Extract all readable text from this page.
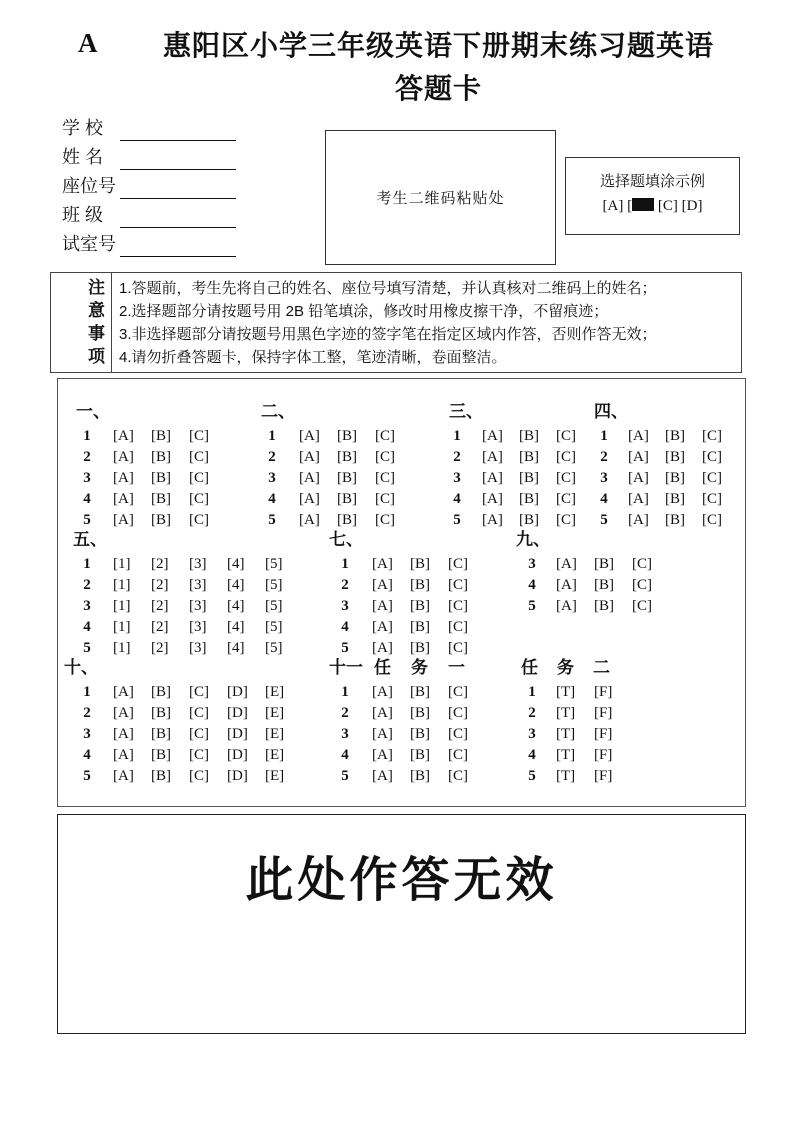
A	惠阳区小学三年级英语下册期末练习题英语
答题卡
学 校
姓 名
座位号
班 级
试室号
考生二维码粘贴处
选择题填涂示例
[A] [ [C] [D]
注
意
事
项
1.答题前，考生先将自己的姓名、座位号填写清楚，并认真核对二维码上的姓名；
2.选择题部分请按题号用 2B 铅笔填涂，修改时用橡皮擦干净，不留痕迹；
3.非选择题部分请按题号用黑色字迹的签字笔在指定区域内作答，否则作答无效；
4.请勿折叠答题卡，保持字体工整，笔迹清晰，卷面整洁。
一、
1 [A]	[B]	[C]
2 [A]	[B]	[C]
3 [A]	[B]	[C]
4 [A]	[B]	[C]
5 [A]	[B]	[C]
二、
1 [A]	[B]	[C]
2 [A]	[B]	[C]
3 [A]	[B]	[C]
4 [A]	[B]	[C]
5 [A]	[B]	[C]
三、
1 [A]	[B]	[C]
2 [A]	[B]	[C]
3 [A]	[B]	[C]
4 [A]	[B]	[C]
5 [A]	[B]	[C]
四、
1 [A]	[B]	[C]
2 [A]	[B]	[C]
3 [A]	[B]	[C]
4 [A]	[B]	[C]
5 [A]	[B]	[C]
五、
1 [1]	[2]	[3]	[4]	[5]
2 [1]	[2]	[3]	[4]	[5]
3 [1]	[2]	[3]	[4]	[5]
4 [1]	[2]	[3]	[4]	[5]
5 [1]	[2]	[3]	[4]	[5]
七、
1 [A]	[B]	[C]
2 [A]	[B]	[C]
3 [A]	[B]	[C]
4 [A]	[B]	[C]
5 [A]	[B]	[C]
九、
3 [A]	[B]	[C]
4 [A]	[B]	[C]
5 [A]	[B]	[C]
十、
1 [A]	[B]	[C]	[D]	[E]
2 [A]	[B]	[C]	[D]	[E]
3 [A]	[B]	[C]	[D]	[E]
4 [A]	[B]	[C]	[D]	[E]
5 [A]	[B]	[C]	[D]	[E]
十一 任 务 一
1 [A]	[B]	[C]
2 [A]	[B]	[C]
3 [A]	[B]	[C]
4 [A]	[B]	[C]
5 [A]	[B]	[C]
任 务 二
1 [T]	[F]
2 [T]	[F]
3 [T]	[F]
4 [T]	[F]
5 [T]	[F]
此处作答无效
